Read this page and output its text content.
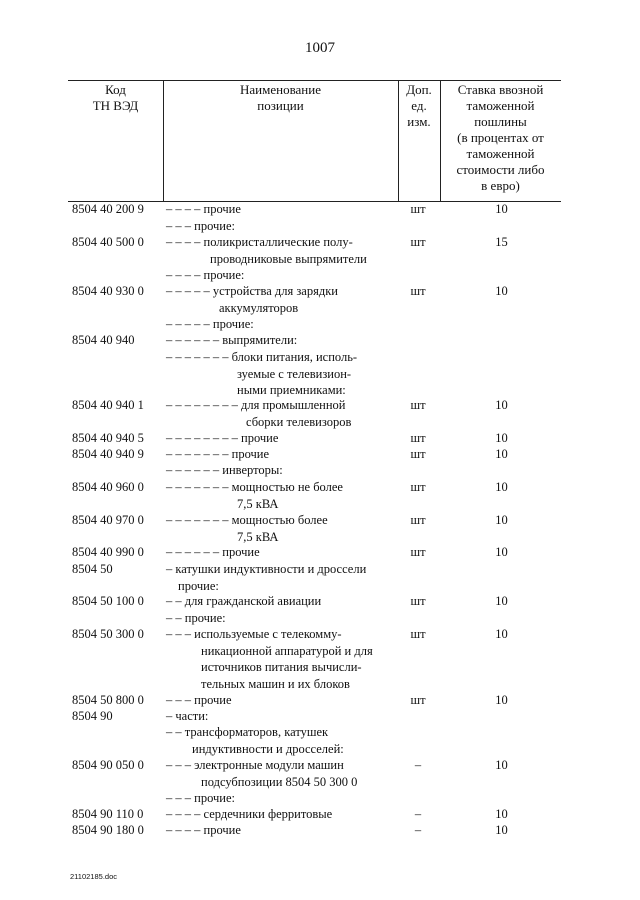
1007
Код
ТН ВЭД
Наименование
позиции
Доп.
ед.
изм.
Ставка ввозной
таможенной
пошлины
(в процентах от
таможенной
стоимости либо
в евро)
8504 40 200 9 – – – – прочие	шт	10
– – – прочие:
8504 40 500 0 – – – – поликристаллические полу-
проводниковые выпрямители
шт	15
– – – – прочие:
8504 40 930 0 – – – – – устройства для зарядки
аккумуляторов
шт	10
– – – – – прочие:
8504 40 940	– – – – – – выпрямители:
– – – – – – – блоки питания, исполь-
зуемые с телевизион-
ными приемниками:
8504 40 940 1 – – – – – – – – для промышленной
сборки телевизоров
шт	10
8504 40 940 5 – – – – – – – – прочие	шт	10
8504 40 940 9 – – – – – – – прочие	шт	10
– – – – – – инверторы:
8504 40 960 0 – – – – – – – мощностью не более
7,5 кВА
шт	10
8504 40 970 0 – – – – – – – мощностью более
7,5 кВА
шт	10
8504 40 990 0 – – – – – – прочие	шт	10
8504 50	– катушки индуктивности и дроссели
прочие:
8504 50 100 0 – – для гражданской авиации	шт	10
– – прочие:
8504 50 300 0 – – – используемые с телекомму-
никационной аппаратурой и для
источников питания вычисли-
тельных машин и их блоков
шт	10
8504 50 800 0 – – – прочие	шт	10
8504 90	– части:
– – трансформаторов, катушек
индуктивности и дросселей:
8504 90 050 0 – – – электронные модули машин
подсубпозиции 8504 50 300 0
–	10
– – – прочие:
8504 90 110 0 – – – – сердечники ферритовые	–	10
8504 90 180 0 – – – – прочие	–	10
21102185.doc
